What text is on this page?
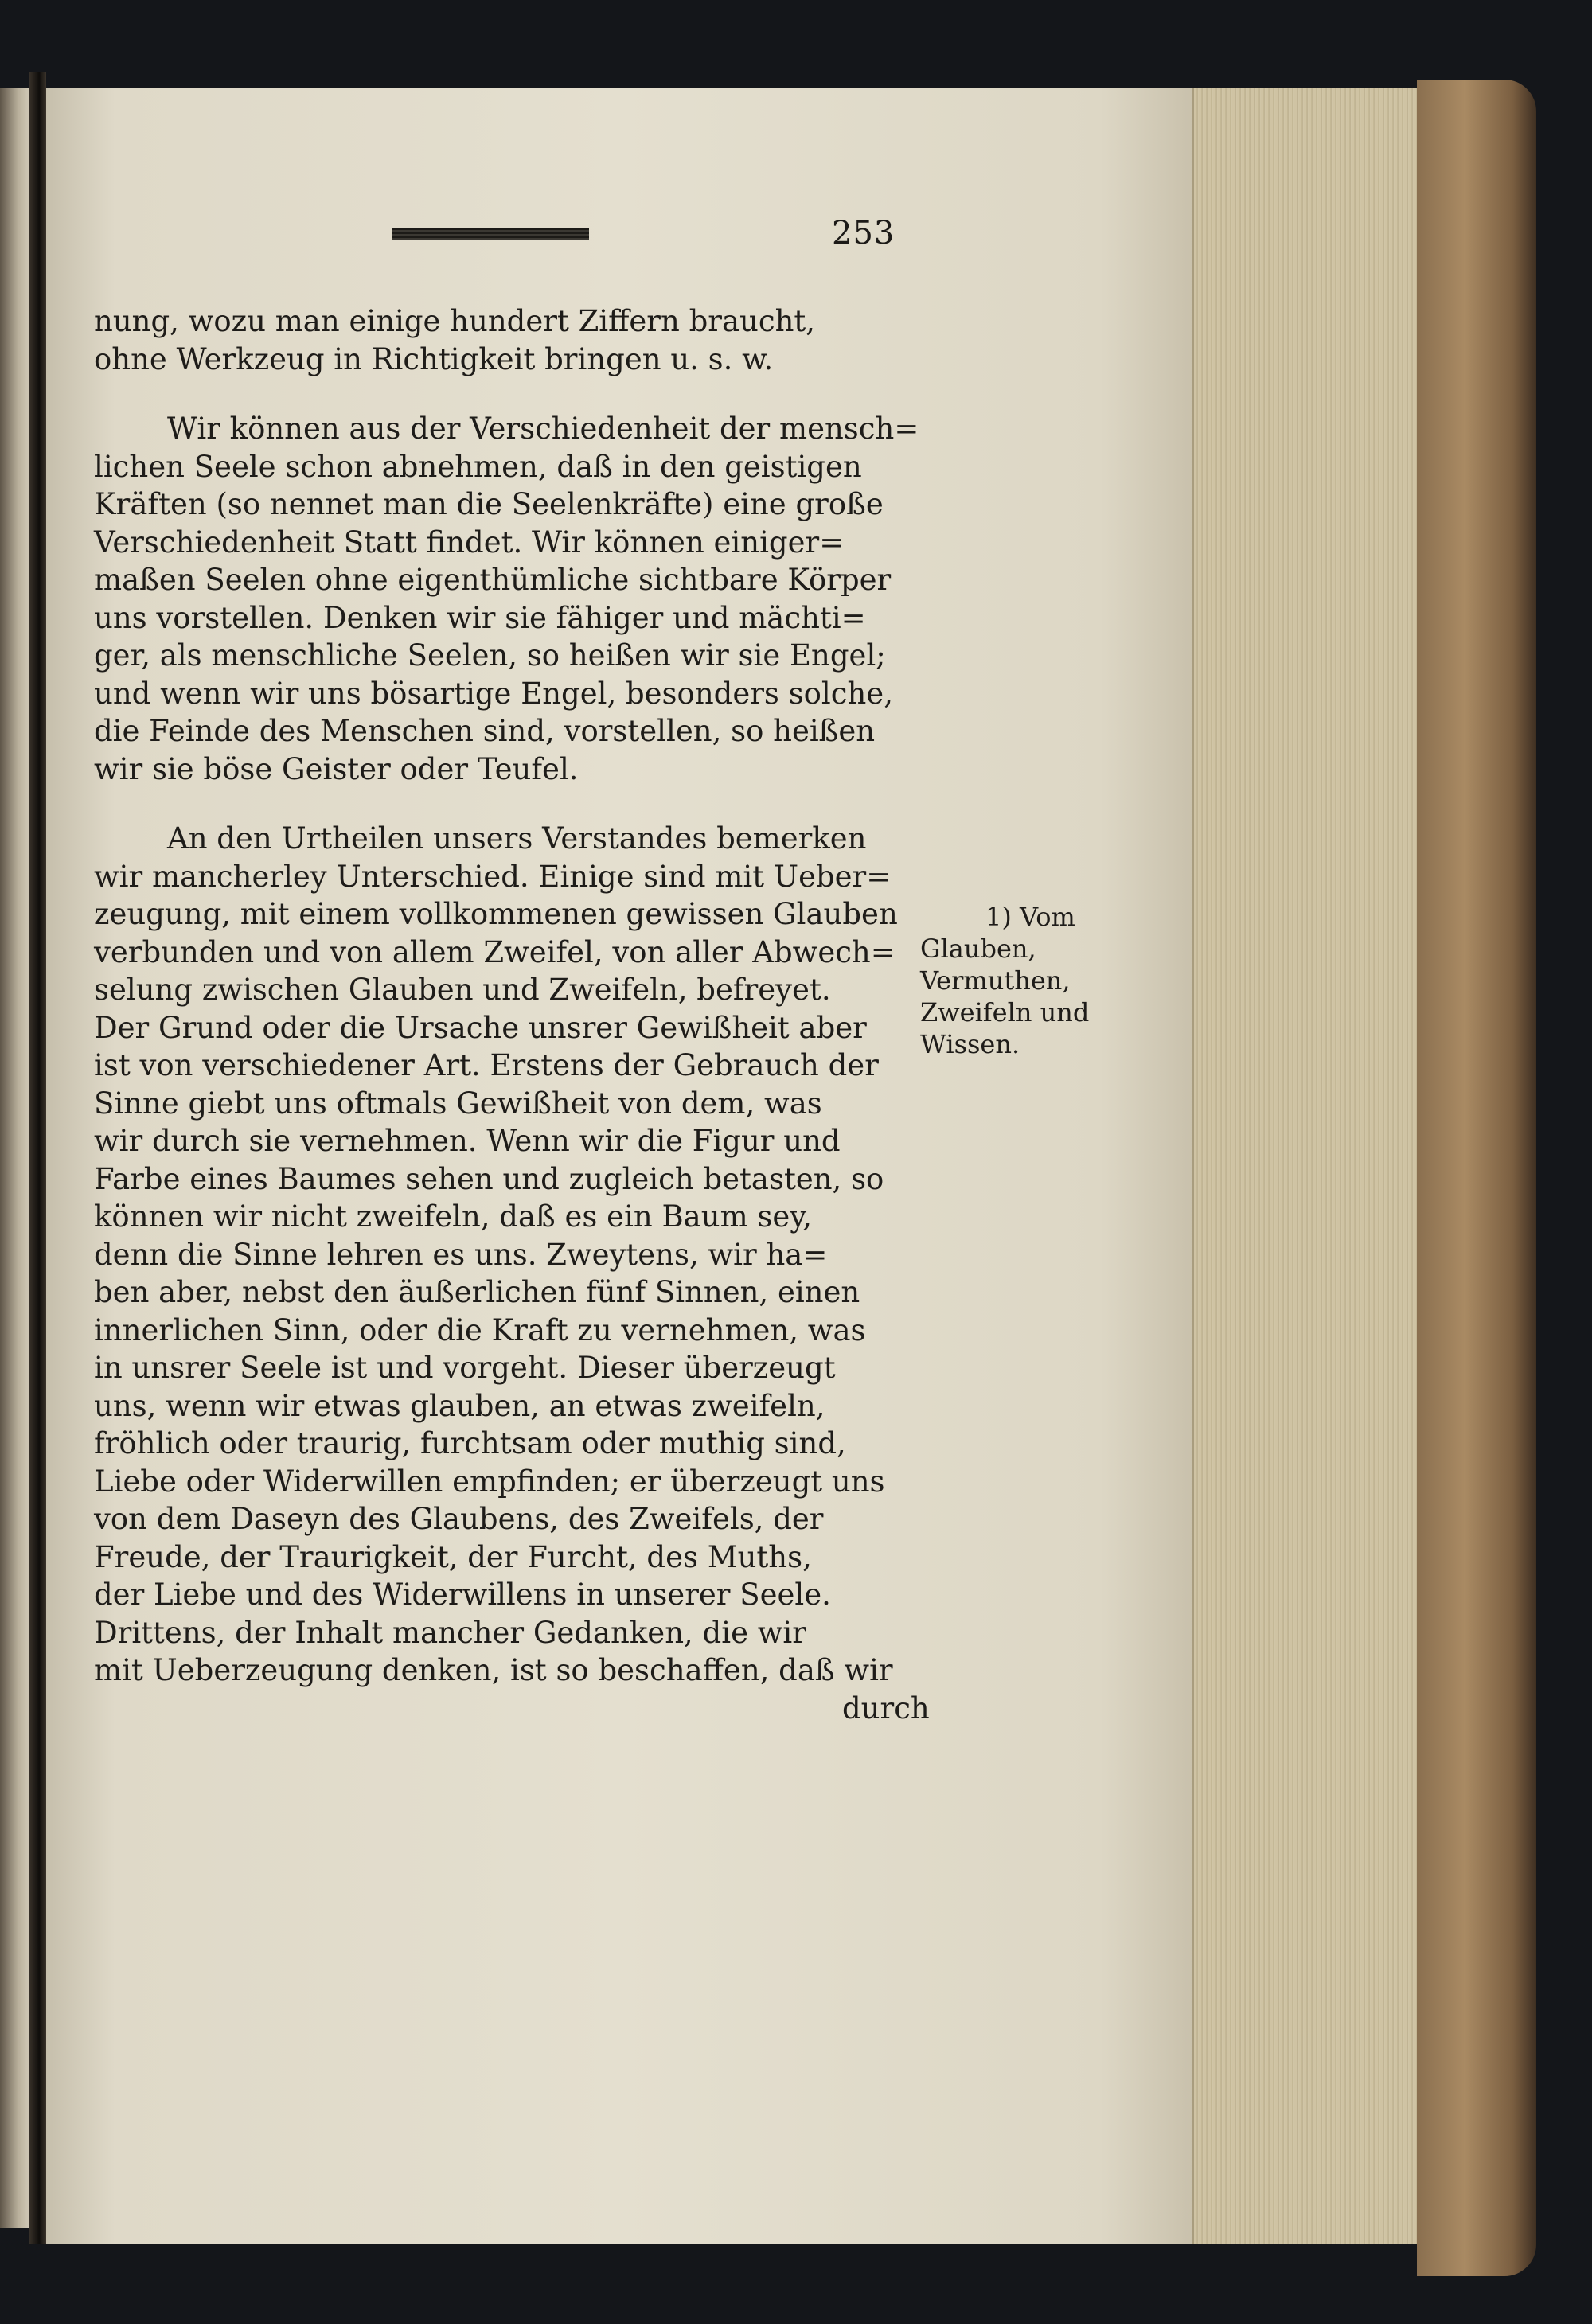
253
nung, wozu man einige hundert Ziffern braucht,
ohne Werkzeug in Richtigkeit bringen u. s. w.
Wir können aus der Verschiedenheit der mensch=
lichen Seele schon abnehmen, daß in den geistigen
Kräften (so nennet man die Seelenkräfte) eine große
Verschiedenheit Statt findet. Wir können einiger=
maßen Seelen ohne eigenthümliche sichtbare Körper
uns vorstellen. Denken wir sie fähiger und mächti=
ger, als menschliche Seelen, so heißen wir sie Engel;
und wenn wir uns bösartige Engel, besonders solche,
die Feinde des Menschen sind, vorstellen, so heißen
wir sie böse Geister oder Teufel.
An den Urtheilen unsers Verstandes bemerken
wir mancherley Unterschied. Einige sind mit Ueber=
zeugung, mit einem vollkommenen gewissen Glauben
verbunden und von allem Zweifel, von aller Abwech=
selung zwischen Glauben und Zweifeln, befreyet.
Der Grund oder die Ursache unsrer Gewißheit aber
ist von verschiedener Art. Erstens der Gebrauch der
Sinne giebt uns oftmals Gewißheit von dem, was
wir durch sie vernehmen. Wenn wir die Figur und
Farbe eines Baumes sehen und zugleich betasten, so
können wir nicht zweifeln, daß es ein Baum sey,
denn die Sinne lehren es uns. Zweytens, wir ha=
ben aber, nebst den äußerlichen fünf Sinnen, einen
innerlichen Sinn, oder die Kraft zu vernehmen, was
in unsrer Seele ist und vorgeht. Dieser überzeugt
uns, wenn wir etwas glauben, an etwas zweifeln,
fröhlich oder traurig, furchtsam oder muthig sind,
Liebe oder Widerwillen empfinden; er überzeugt uns
von dem Daseyn des Glaubens, des Zweifels, der
Freude, der Traurigkeit, der Furcht, des Muths,
der Liebe und des Widerwillens in unserer Seele.
Drittens, der Inhalt mancher Gedanken, die wir
mit Ueberzeugung denken, ist so beschaffen, daß wir
durch
1) Vom
Glauben,
Vermuthen,
Zweifeln und
Wissen.
